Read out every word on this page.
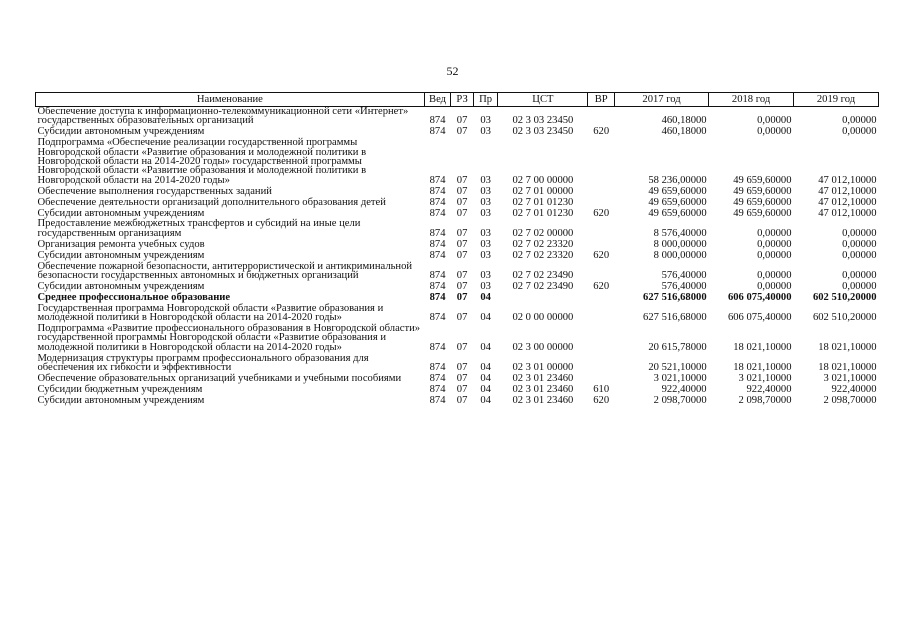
52
Наименование	Вед	РЗ	Пр	ЦСТ	ВР	2017 год	2018 год	2019 год
Обеспечение доступа к информационно-телекоммуникационной сети «Интернет» государственных образовательных организаций	874	07	03	02 3 03 23450		460,18000	0,00000	0,00000
Субсидии автономным учреждениям	874	07	03	02 3 03 23450	620	460,18000	0,00000	0,00000
Подпрограмма «Обеспечение реализации государственной программы Новгородской области «Развитие образования и молодежной политики в Новгородской области на 2014-2020 годы» государственной программы Новгородской области «Развитие образования и молодежной политики в Новгородской области на 2014-2020 годы»	874	07	03	02 7 00 00000		58 236,00000	49 659,60000	47 012,10000
Обеспечение выполнения государственных заданий	874	07	03	02 7 01 00000		49 659,60000	49 659,60000	47 012,10000
Обеспечение деятельности организаций дополнительного образования детей	874	07	03	02 7 01 01230		49 659,60000	49 659,60000	47 012,10000
Субсидии автономным учреждениям	874	07	03	02 7 01 01230	620	49 659,60000	49 659,60000	47 012,10000
Предоставление межбюджетных трансфертов и субсидий на иные цели государственным организациям	874	07	03	02 7 02 00000		8 576,40000	0,00000	0,00000
Организация ремонта учебных судов	874	07	03	02 7 02 23320		8 000,00000	0,00000	0,00000
Субсидии автономным учреждениям	874	07	03	02 7 02 23320	620	8 000,00000	0,00000	0,00000
Обеспечение пожарной безопасности, антитеррористической и антикриминальной безопасности государственных автономных и бюджетных организаций	874	07	03	02 7 02 23490		576,40000	0,00000	0,00000
Субсидии автономным учреждениям	874	07	03	02 7 02 23490	620	576,40000	0,00000	0,00000
Среднее профессиональное образование	874	07	04			627 516,68000	606 075,40000	602 510,20000
Государственная программа Новгородской области «Развитие образования и молодежной политики в Новгородской области на 2014-2020 годы»	874	07	04	02 0 00 00000		627 516,68000	606 075,40000	602 510,20000
Подпрограмма «Развитие профессионального образования в Новгородской области» государственной программы Новгородской области «Развитие образования и молодежной политики в Новгородской области на 2014-2020 годы»	874	07	04	02 3 00 00000		20 615,78000	18 021,10000	18 021,10000
Модернизация структуры программ профессионального образования для обеспечения их гибкости и эффективности	874	07	04	02 3 01 00000		20 521,10000	18 021,10000	18 021,10000
Обеспечение образовательных организаций учебниками и учебными пособиями	874	07	04	02 3 01 23460		3 021,10000	3 021,10000	3 021,10000
Субсидии бюджетным учреждениям	874	07	04	02 3 01 23460	610	922,40000	922,40000	922,40000
Субсидии автономным учреждениям	874	07	04	02 3 01 23460	620	2 098,70000	2 098,70000	2 098,70000
